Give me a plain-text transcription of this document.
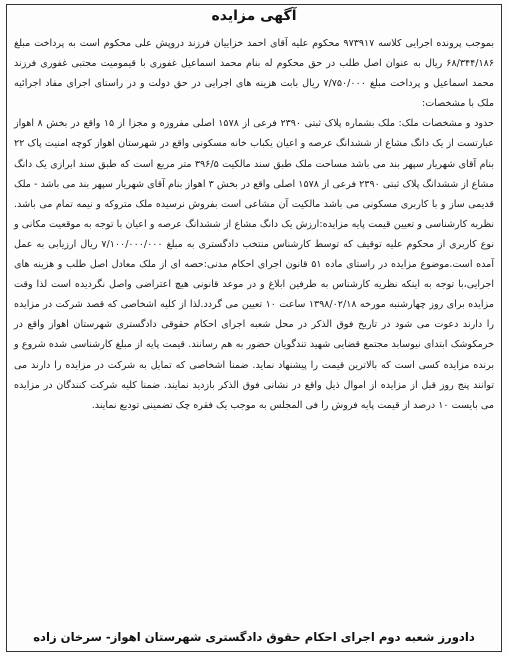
آگهی مزایده

بموجب پرونده اجرایی کلاسه ۹۷۳۹۱۷ محکوم علیه آقای احمد خزاییان فرزند دروپش علی محکوم است به پرداخت مبلغ ۶۸/۳۴۴/۱۸۶ ریال به عنوان اصل طلب در حق محکوم له بنام محمد اسماعیل غفوری با قیمومیت مجتبی غفوری فرزند محمد اسماعیل و پرداخت مبلغ ۷/۷۵۰/۰۰۰ ریال بابت هزینه های اجرایی در حق دولت و در راستای اجرای مفاد اجرائیه ملک با مشخصات:

حدود و مشخصات ملک: ملک بشماره پلاک ثبتی ۲۳۹۰ فرعی از ۱۵۷۸ اصلی مفروزه و مجزا از ۱۵ واقع در بخش ۸ اهواز عبارتست از یک دانگ مشاع از ششدانگ عرصه و اعیان یکباب خانه مسکونی واقع در شهرستان اهواز کوچه امنیت پاک ۲۲ بنام آقای شهریار سپهر بند می باشد مساحت ملک طبق سند مالکیت ۳۹۶/۵ متر مربع است که طبق سند ابرازی یک دانگ مشاع از ششدانگ پلاک ثبتی ۲۳۹۰ فرعی از ۱۵۷۸ اصلی واقع در بخش ۳ اهواز بنام آقای شهریار سپهر بند می باشد - ملک قدیمی ساز و با کاربری مسکونی می باشد مالکیت آن مشاعی است بفروش نرسیده ملک متروکه و نیمه تمام می باشد. نظریه کارشناسی و تعیین قیمت پایه مزایده:ارزش یک دانگ مشاع از ششدانگ عرصه و اعیان با توجه به موقعیت مکانی و نوع کاربری از محکوم علیه توقیف که توسط کارشناس منتخب دادگستری به مبلغ ۷/۱۰۰/۰۰۰/۰۰۰ ریال ارزیابی به عمل آمده است.موضوع مزایده در راستای ماده ۵۱ قانون اجرای احکام مدنی:حصه ای از ملک معادل اصل طلب و هزینه های اجرایی،با توجه به اینکه نظریه کارشناس به طرفین ابلاغ و در موعد قانونی هیچ اعتراضی واصل نگردیده است لذا وقت مزایده برای روز چهارشنبه مورخه ۱۳۹۸/۰۲/۱۸ ساعت ۱۰ تعیین می گردد.لذا از کلیه اشخاصی که قصد شرکت در مزایده را دارند دعوت می شود در تاریخ فوق الذکر در محل شعبه اجرای احکام حقوقی دادگستری شهرستان اهواز واقع در خرمکوشک ابتدای نیوسابد مجتمع قضایی شهید تندگویان حضور به هم رسانند. قیمت پایه از مبلغ کارشناسی شده شروع و برنده مزایده کسی است که بالاترین قیمت را پیشنهاد نماید. ضمنا اشخاصی که تمایل به شرکت در مزایده را دارند می توانند پنج روز قبل از مزایده از اموال ذیل واقع در نشانی فوق الذکر بازدید نمایند. ضمنا کلیه شرکت کنندگان در مزایده می بایست ۱۰ درصد از قیمت پایه فروش را فی المجلس به موجب یک فقره چک تضمینی تودیع نمایند.

دادورز شعبه دوم اجرای احکام حقوق دادگستری شهرستان اهواز- سرخان زاده
